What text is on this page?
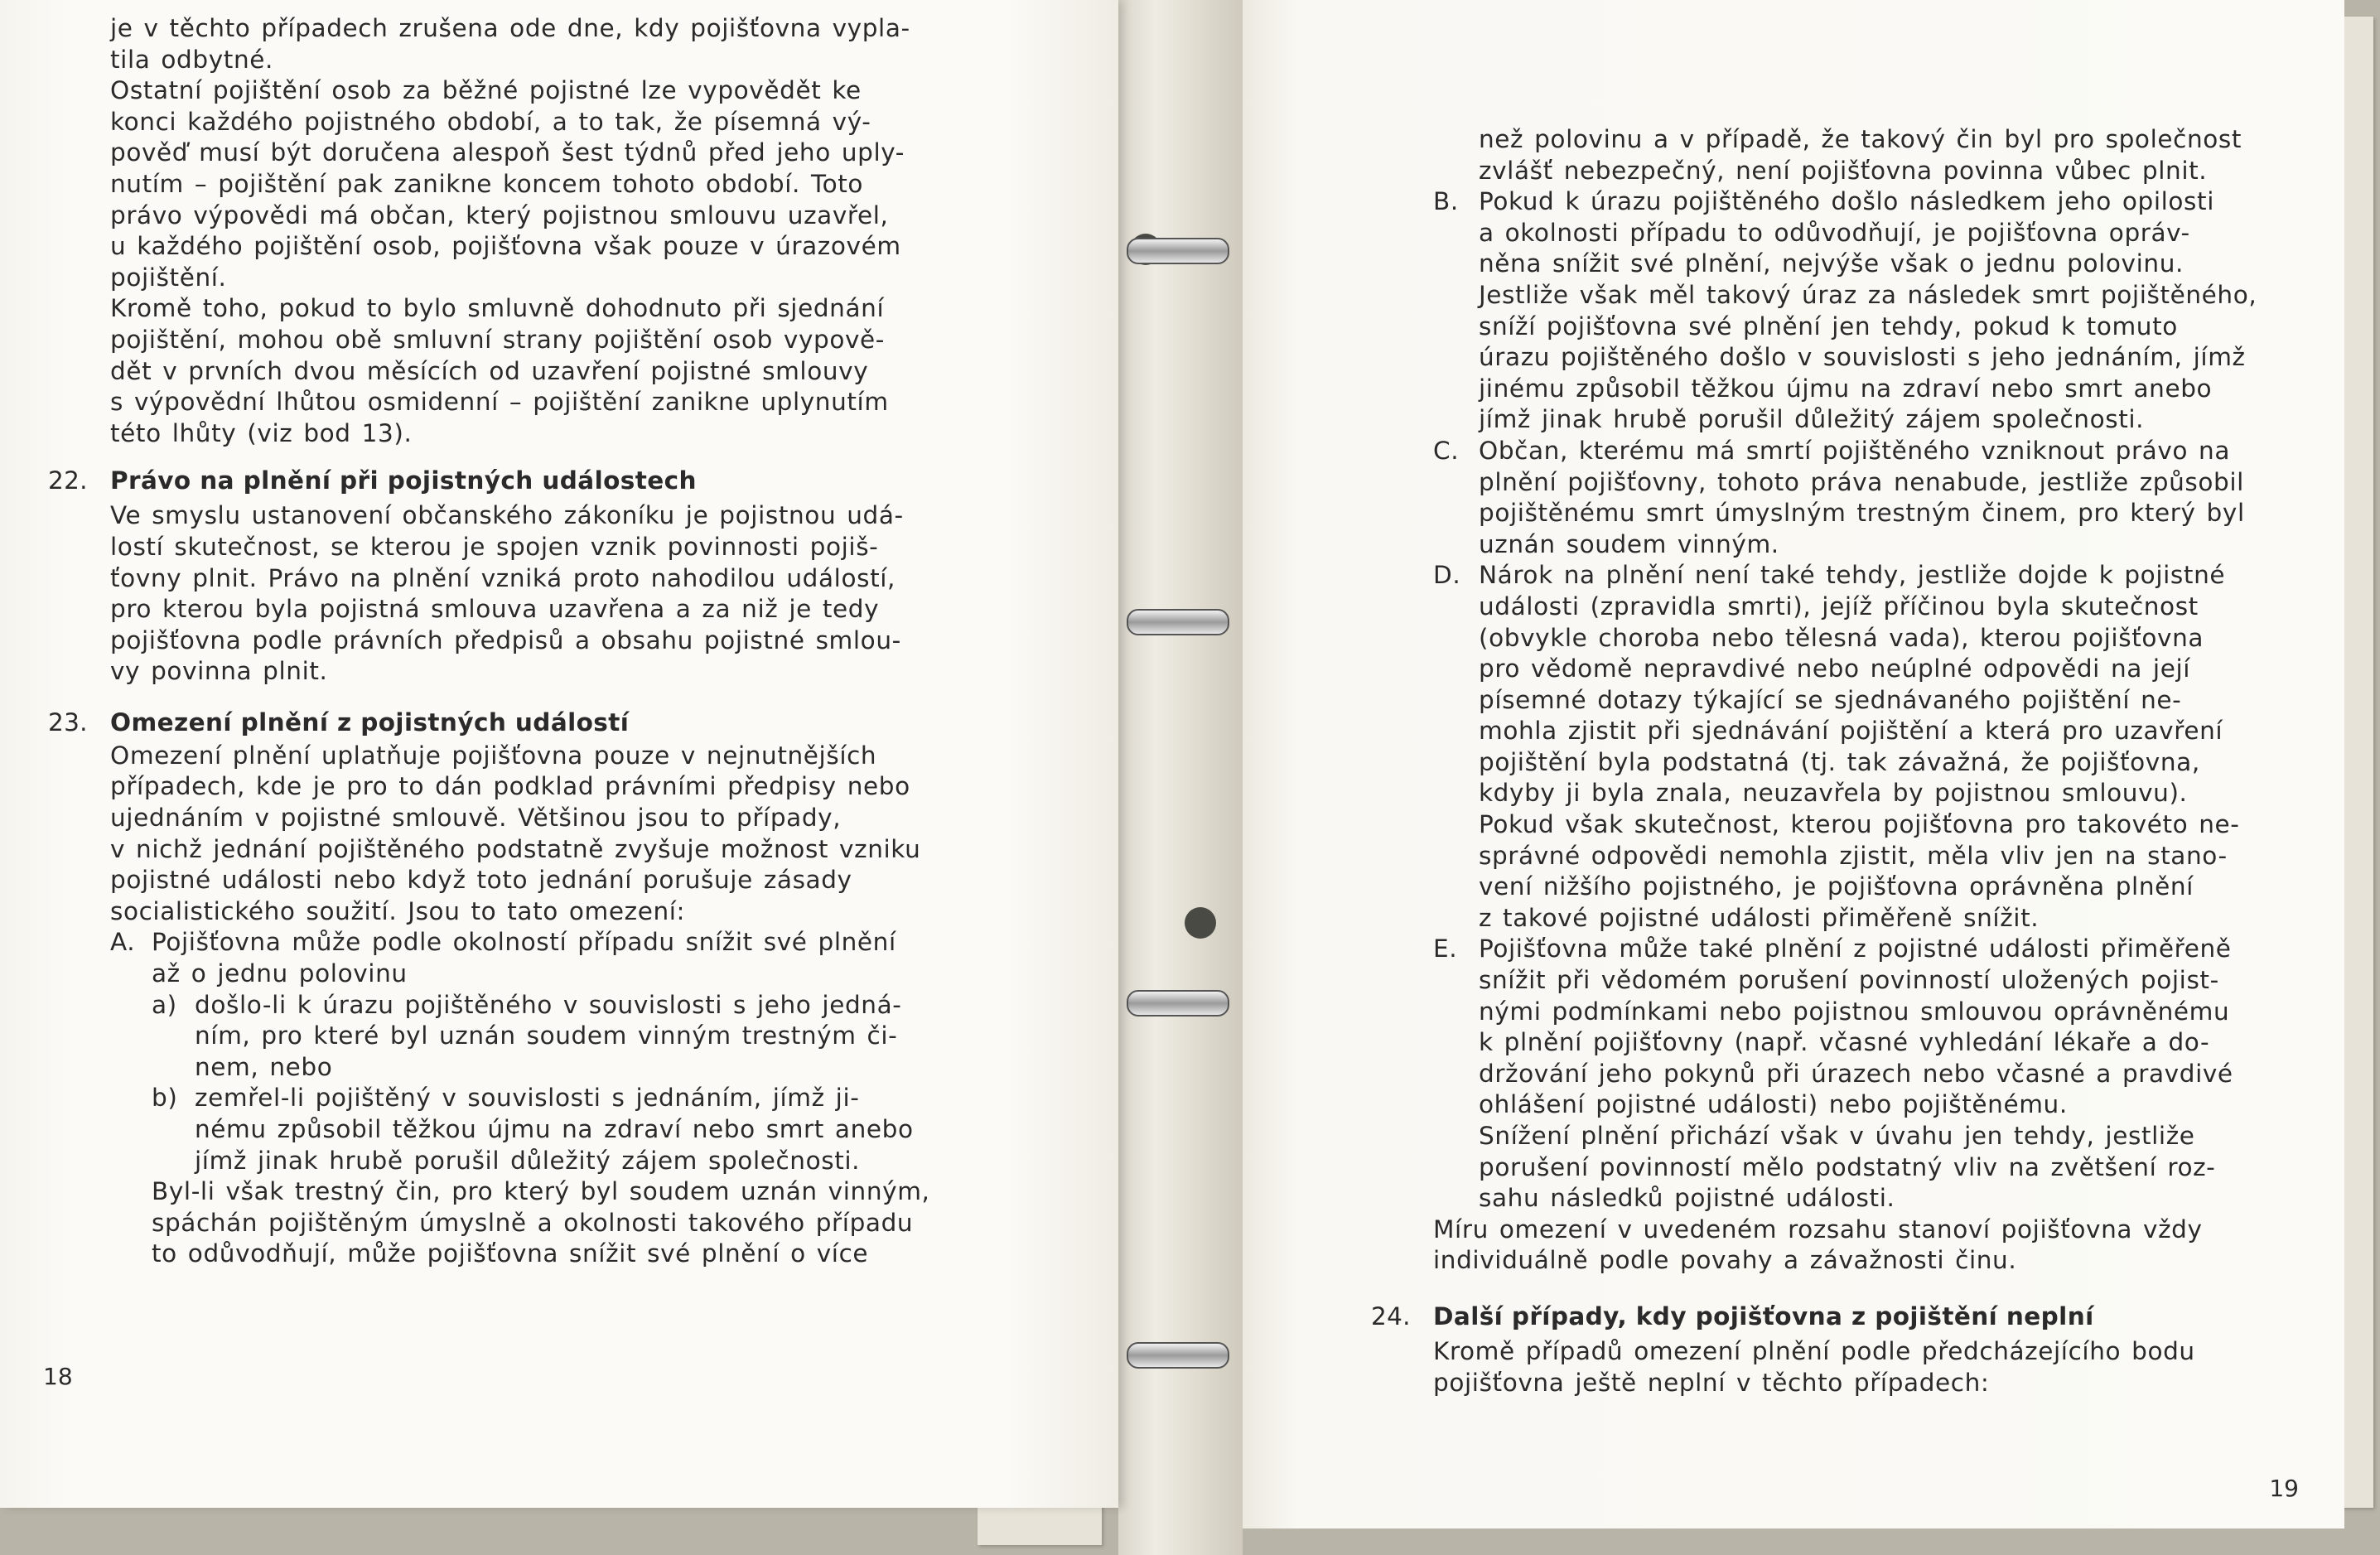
je v těchto případech zrušena ode dne, kdy pojišťovna vypla-
tila odbytné.
Ostatní pojištění osob za běžné pojistné lze vypovědět ke
konci každého pojistného období, a to tak, že písemná vý-
pověď musí být doručena alespoň šest týdnů před jeho uply-
nutím – pojištění pak zanikne koncem tohoto období. Toto
právo výpovědi má občan, který pojistnou smlouvu uzavřel,
u každého pojištění osob, pojišťovna však pouze v úrazovém
pojištění.
Kromě toho, pokud to bylo smluvně dohodnuto při sjednání
pojištění, mohou obě smluvní strany pojištění osob vypově-
dět v prvních dvou měsících od uzavření pojistné smlouvy
s výpovědní lhůtou osmidenní – pojištění zanikne uplynutím
této lhůty (viz bod 13).
22. Právo na plnění při pojistných událostech
Ve smyslu ustanovení občanského zákoníku je pojistnou udá-
lostí skutečnost, se kterou je spojen vznik povinnosti pojiš-
ťovny plnit. Právo na plnění vzniká proto nahodilou událostí,
pro kterou byla pojistná smlouva uzavřena a za niž je tedy
pojišťovna podle právních předpisů a obsahu pojistné smlou-
vy povinna plnit.
23. Omezení plnění z pojistných událostí
Omezení plnění uplatňuje pojišťovna pouze v nejnutnějších
případech, kde je pro to dán podklad právními předpisy nebo
ujednáním v pojistné smlouvě. Většinou jsou to případy,
v nichž jednání pojištěného podstatně zvyšuje možnost vzniku
pojistné události nebo když toto jednání porušuje zásady
socialistického soužití. Jsou to tato omezení:
A. Pojišťovna může podle okolností případu snížit své plnění
až o jednu polovinu
a) došlo-li k úrazu pojištěného v souvislosti s jeho jedná-
ním, pro které byl uznán soudem vinným trestným či-
nem, nebo
b) zemřel-li pojištěný v souvislosti s jednáním, jímž ji-
nému způsobil těžkou újmu na zdraví nebo smrt anebo
jímž jinak hrubě porušil důležitý zájem společnosti.
Byl-li však trestný čin, pro který byl soudem uznán vinným,
spáchán pojištěným úmyslně a okolnosti takového případu
to odůvodňují, může pojišťovna snížit své plnění o více
18
než polovinu a v případě, že takový čin byl pro společnost
zvlášť nebezpečný, není pojišťovna povinna vůbec plnit.
B. Pokud k úrazu pojištěného došlo následkem jeho opilosti
a okolnosti případu to odůvodňují, je pojišťovna opráv-
něna snížit své plnění, nejvýše však o jednu polovinu.
Jestliže však měl takový úraz za následek smrt pojištěného,
sníží pojišťovna své plnění jen tehdy, pokud k tomuto
úrazu pojištěného došlo v souvislosti s jeho jednáním, jímž
jinému způsobil těžkou újmu na zdraví nebo smrt anebo
jímž jinak hrubě porušil důležitý zájem společnosti.
C. Občan, kterému má smrtí pojištěného vzniknout právo na
plnění pojišťovny, tohoto práva nenabude, jestliže způsobil
pojištěnému smrt úmyslným trestným činem, pro který byl
uznán soudem vinným.
D. Nárok na plnění není také tehdy, jestliže dojde k pojistné
události (zpravidla smrti), jejíž příčinou byla skutečnost
(obvykle choroba nebo tělesná vada), kterou pojišťovna
pro vědomě nepravdivé nebo neúplné odpovědi na její
písemné dotazy týkající se sjednávaného pojištění ne-
mohla zjistit při sjednávání pojištění a která pro uzavření
pojištění byla podstatná (tj. tak závažná, že pojišťovna,
kdyby ji byla znala, neuzavřela by pojistnou smlouvu).
Pokud však skutečnost, kterou pojišťovna pro takovéto ne-
správné odpovědi nemohla zjistit, měla vliv jen na stano-
vení nižšího pojistného, je pojišťovna oprávněna plnění
z takové pojistné události přiměřeně snížit.
E. Pojišťovna může také plnění z pojistné události přiměřeně
snížit při vědomém porušení povinností uložených pojist-
nými podmínkami nebo pojistnou smlouvou oprávněnému
k plnění pojišťovny (např. včasné vyhledání lékaře a do-
držování jeho pokynů při úrazech nebo včasné a pravdivé
ohlášení pojistné události) nebo pojištěnému.
Snížení plnění přichází však v úvahu jen tehdy, jestliže
porušení povinností mělo podstatný vliv na zvětšení roz-
sahu následků pojistné události.
Míru omezení v uvedeném rozsahu stanoví pojišťovna vždy
individuálně podle povahy a závažnosti činu.
24. Další případy, kdy pojišťovna z pojištění neplní
Kromě případů omezení plnění podle předcházejícího bodu
pojišťovna ještě neplní v těchto případech:
19
